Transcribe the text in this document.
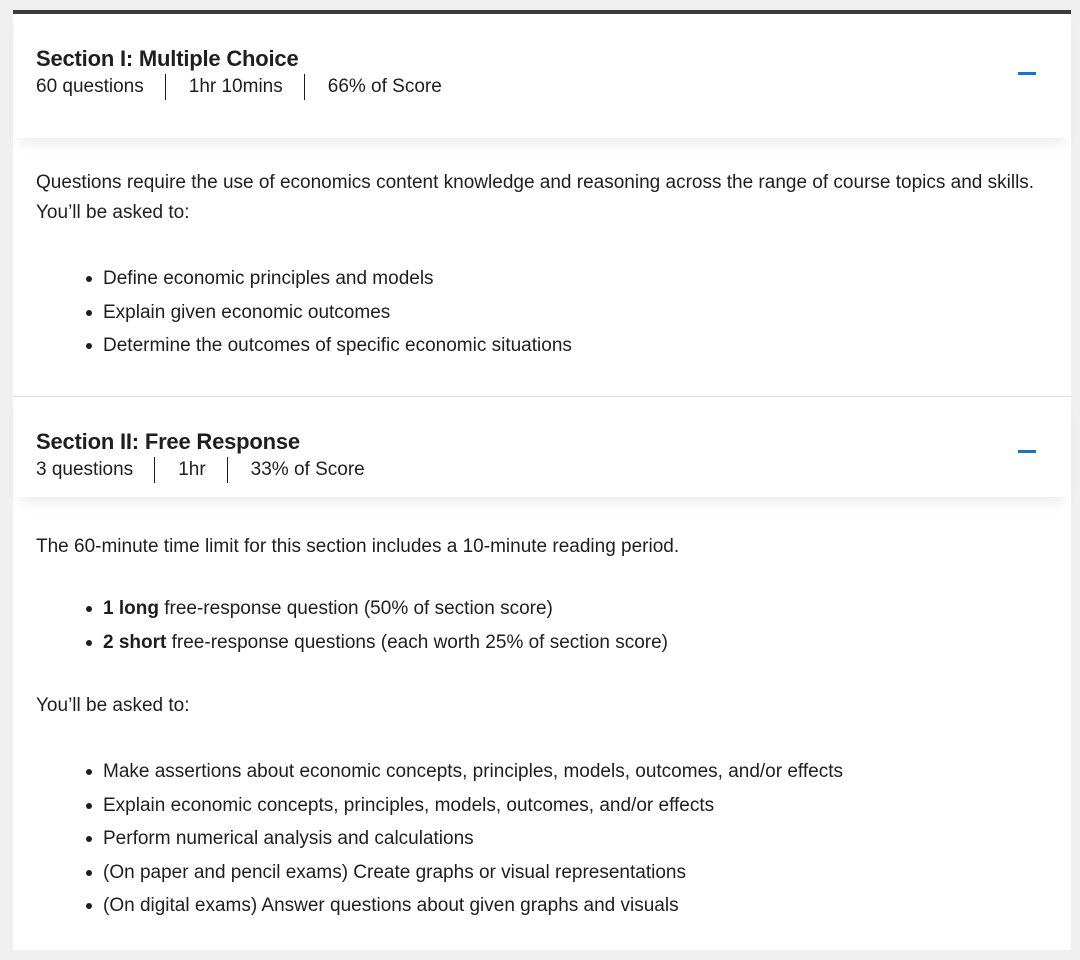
Section I: Multiple Choice
60 questions	1hr 10mins	66% of Score

Questions require the use of economics content knowledge and reasoning across the range of course topics and skills. You’ll be asked to:

Define economic principles and models
Explain given economic outcomes
Determine the outcomes of specific economic situations
Section II: Free Response
3 questions	1hr	33% of Score

The 60-minute time limit for this section includes a 10-minute reading period.

1 long free-response question (50% of section score)
2 short free-response questions (each worth 25% of section score)

You’ll be asked to:

Make assertions about economic concepts, principles, models, outcomes, and/or effects
Explain economic concepts, principles, models, outcomes, and/or effects
Perform numerical analysis and calculations
(On paper and pencil exams) Create graphs or visual representations
(On digital exams) Answer questions about given graphs and visuals
